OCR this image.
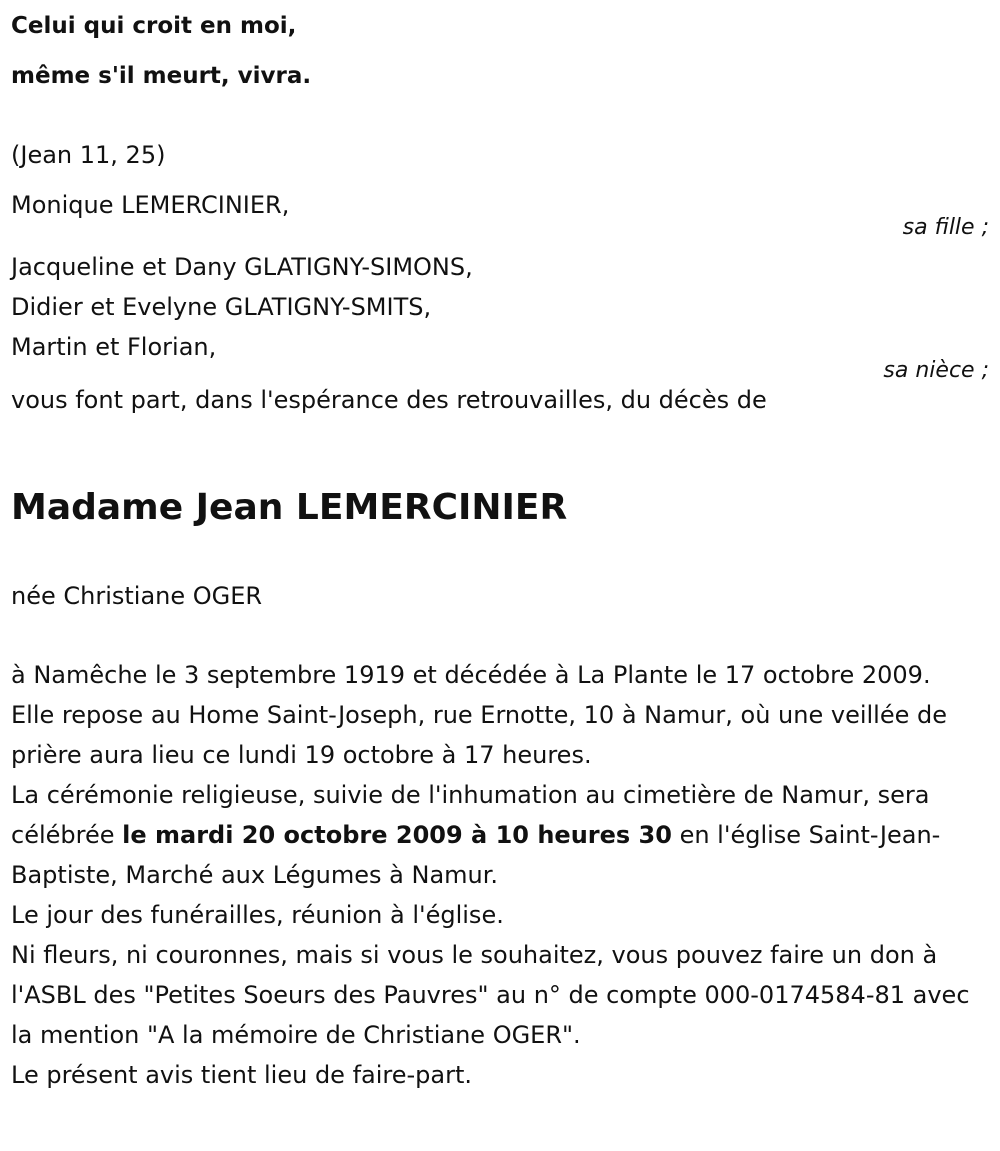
Celui qui croit en moi,

même s'il meurt, vivra.

(Jean 11, 25)

Monique LEMERCINIER,

sa fille ;

Jacqueline et Dany GLATIGNY-SIMONS,

Didier et Evelyne GLATIGNY-SMITS,

Martin et Florian,

sa nièce ;

vous font part, dans l'espérance des retrouvailles, du décès de

Madame Jean LEMERCINIER

née Christiane OGER

à Namêche le 3 septembre 1919 et décédée à La Plante le 17 octobre 2009.

Elle repose au Home Saint-Joseph, rue Ernotte, 10 à Namur, où une veillée de prière aura lieu ce lundi 19 octobre à 17 heures.

La cérémonie religieuse, suivie de l'inhumation au cimetière de Namur, sera célébrée le mardi 20 octobre 2009 à 10 heures 30 en l'église Saint-Jean-Baptiste, Marché aux Légumes à Namur.

Le jour des funérailles, réunion à l'église.

Ni fleurs, ni couronnes, mais si vous le souhaitez, vous pouvez faire un don à l'ASBL des "Petites Soeurs des Pauvres" au n° de compte 000-0174584-81 avec la mention "A la mémoire de Christiane OGER".

Le présent avis tient lieu de faire-part.
